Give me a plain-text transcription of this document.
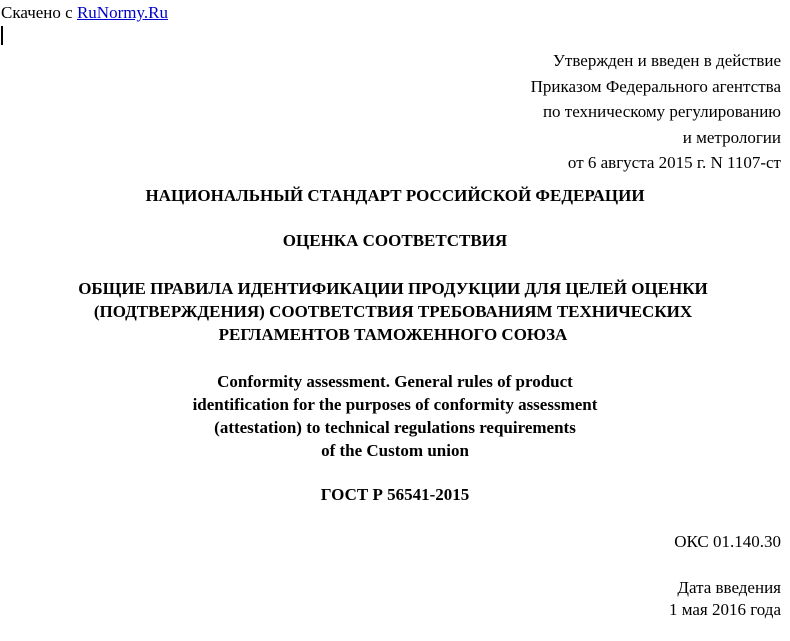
Скачено с RuNormy.Ru
Утвержден и введен в действие
Приказом Федерального агентства
по техническому регулированию
и метрологии
от 6 августа 2015 г. N 1107-ст
НАЦИОНАЛЬНЫЙ СТАНДАРТ РОССИЙСКОЙ ФЕДЕРАЦИИ
ОЦЕНКА СООТВЕТСТВИЯ
ОБЩИЕ ПРАВИЛА ИДЕНТИФИКАЦИИ ПРОДУКЦИИ ДЛЯ ЦЕЛЕЙ ОЦЕНКИ
(ПОДТВЕРЖДЕНИЯ) СООТВЕТСТВИЯ ТРЕБОВАНИЯМ ТЕХНИЧЕСКИХ
РЕГЛАМЕНТОВ ТАМОЖЕННОГО СОЮЗА
Conformity assessment. General rules of product
identification for the purposes of conformity assessment
(attestation) to technical regulations requirements
of the Custom union
ГОСТ Р 56541-2015
ОКС 01.140.30
Дата введения
1 мая 2016 года
